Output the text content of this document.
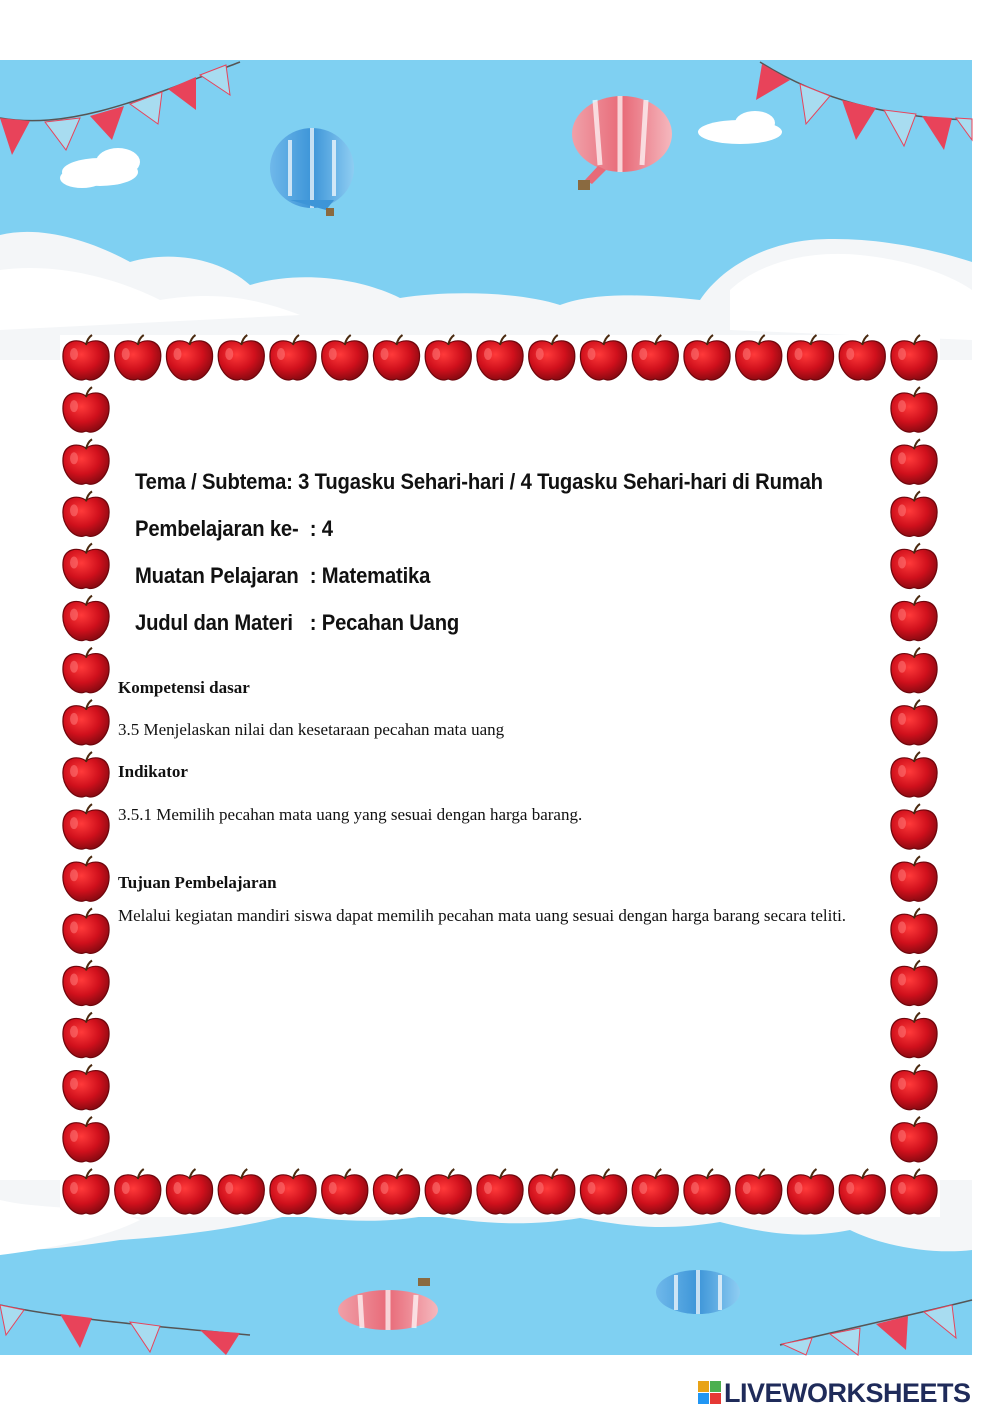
Tema / Subtema : 3 Tugasku Sehari-hari / 4 Tugasku Sehari-hari di Rumah
Pembelajaran ke- : 4
Muatan Pelajaran : Matematika
Judul dan Materi : Pecahan Uang
Kompetensi dasar
3.5 Menjelaskan nilai dan kesetaraan pecahan mata uang
Indikator
3.5.1 Memilih pecahan mata uang yang sesuai dengan harga barang.
Tujuan Pembelajaran
Melalui kegiatan mandiri siswa dapat memilih pecahan mata uang sesuai dengan harga barang secara teliti.
LIVEWORKSHEETS
